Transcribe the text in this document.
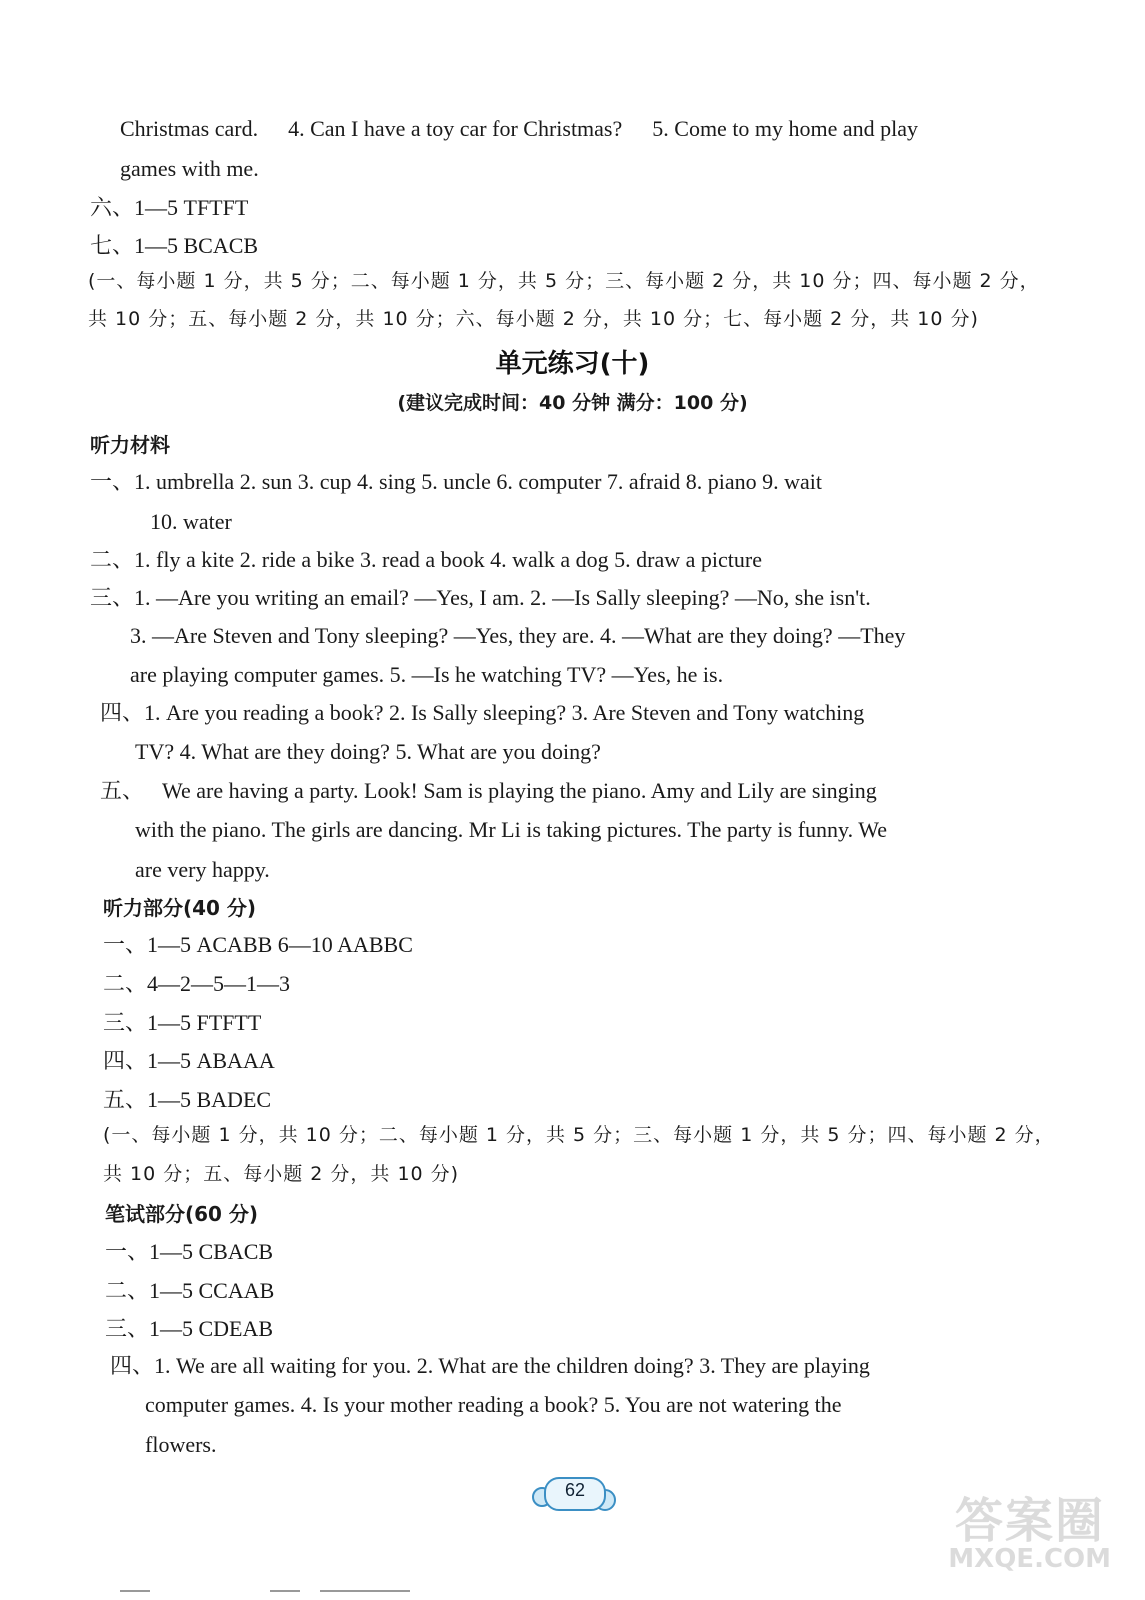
Christmas card. 4. Can I have a toy car for Christmas? 5. Come to my home and play
games with me.
六、1—5 TFTFT
七、1—5 BCACB
(一、每小题 1 分，共 5 分；二、每小题 1 分，共 5 分；三、每小题 2 分，共 10 分；四、每小题 2 分，
共 10 分；五、每小题 2 分，共 10 分；六、每小题 2 分，共 10 分；七、每小题 2 分，共 10 分)
单元练习(十)
(建议完成时间：40 分钟 满分：100 分)
听力材料
一、1. umbrella 2. sun 3. cup 4. sing 5. uncle 6. computer 7. afraid 8. piano 9. wait
10. water
二、1. fly a kite 2. ride a bike 3. read a book 4. walk a dog 5. draw a picture
三、1. —Are you writing an email? —Yes, I am. 2. —Is Sally sleeping? —No, she isn't.
3. —Are Steven and Tony sleeping? —Yes, they are. 4. —What are they doing? —They
are playing computer games. 5. —Is he watching TV? —Yes, he is.
四、1. Are you reading a book? 2. Is Sally sleeping? 3. Are Steven and Tony watching
TV? 4. What are they doing? 5. What are you doing?
五、 We are having a party. Look! Sam is playing the piano. Amy and Lily are singing
with the piano. The girls are dancing. Mr Li is taking pictures. The party is funny. We
are very happy.
听力部分(40 分)
一、1—5 ACABB 6—10 AABBC
二、4—2—5—1—3
三、1—5 FTFTT
四、1—5 ABAAA
五、1—5 BADEC
(一、每小题 1 分，共 10 分；二、每小题 1 分，共 5 分；三、每小题 1 分，共 5 分；四、每小题 2 分，
共 10 分；五、每小题 2 分，共 10 分)
笔试部分(60 分)
一、1—5 CBACB
二、1—5 CCAAB
三、1—5 CDEAB
四、1. We are all waiting for you. 2. What are the children doing? 3. They are playing
computer games. 4. Is your mother reading a book? 5. You are not watering the
flowers.
62
答案圈
MXQE.COM
